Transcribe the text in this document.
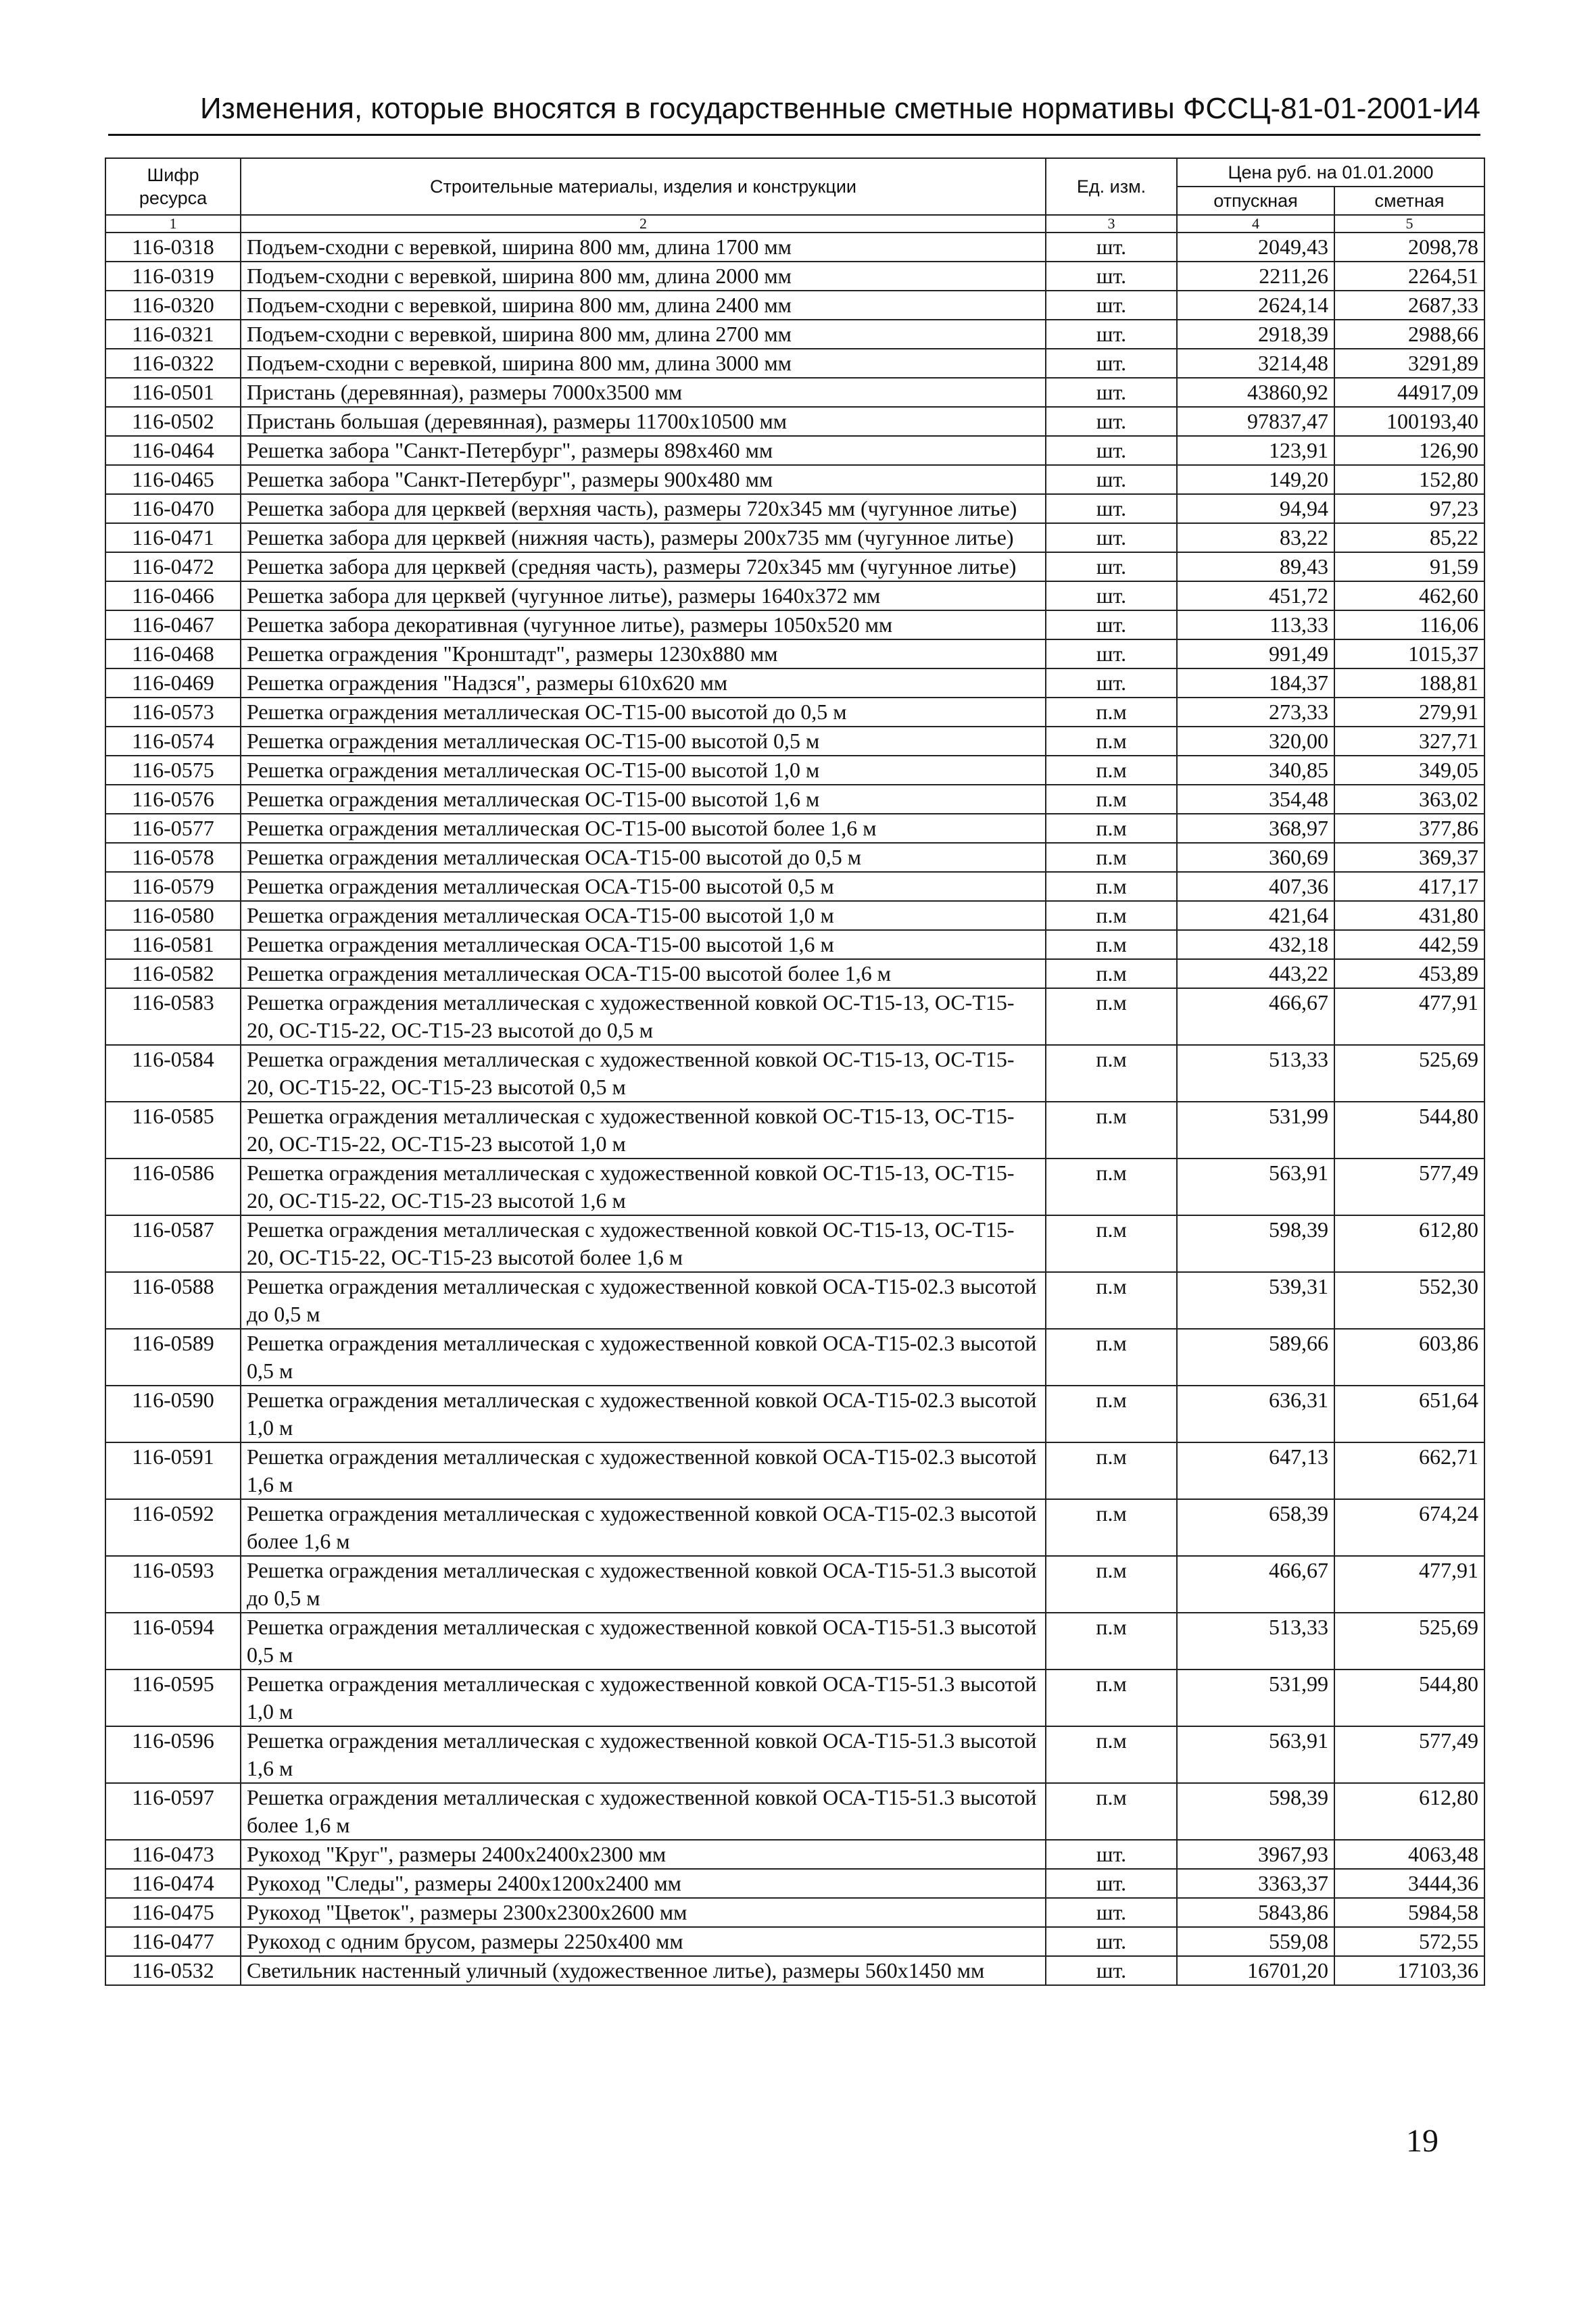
Изменения, которые вносятся в государственные сметные нормативы ФССЦ-81-01-2001-И4
Шифр ресурса	Строительные материалы, изделия и конструкции	Ед. изм.	Цена руб. на 01.01.2000	
			отпускная	сметная
1	2	3	4	5
116-0318	Подъем-сходни с веревкой, ширина 800 мм, длина 1700 мм	шт.	2049,43	2098,78
116-0319	Подъем-сходни с веревкой, ширина 800 мм, длина 2000 мм	шт.	2211,26	2264,51
116-0320	Подъем-сходни с веревкой, ширина 800 мм, длина 2400 мм	шт.	2624,14	2687,33
116-0321	Подъем-сходни с веревкой, ширина 800 мм, длина 2700 мм	шт.	2918,39	2988,66
116-0322	Подъем-сходни с веревкой, ширина 800 мм, длина 3000 мм	шт.	3214,48	3291,89
116-0501	Пристань (деревянная), размеры 7000х3500 мм	шт.	43860,92	44917,09
116-0502	Пристань большая (деревянная), размеры 11700х10500 мм	шт.	97837,47	100193,40
116-0464	Решетка забора "Санкт-Петербург", размеры 898х460 мм	шт.	123,91	126,90
116-0465	Решетка забора "Санкт-Петербург", размеры 900х480 мм	шт.	149,20	152,80
116-0470	Решетка забора для церквей (верхняя часть), размеры 720х345 мм (чугунное литье)	шт.	94,94	97,23
116-0471	Решетка забора для церквей (нижняя часть), размеры 200х735 мм (чугунное литье)	шт.	83,22	85,22
116-0472	Решетка забора для церквей (средняя часть), размеры 720х345 мм (чугунное литье)	шт.	89,43	91,59
116-0466	Решетка забора для церквей (чугунное литье), размеры 1640х372 мм	шт.	451,72	462,60
116-0467	Решетка забора декоративная (чугунное литье), размеры 1050х520 мм	шт.	113,33	116,06
116-0468	Решетка ограждения "Кронштадт", размеры 1230х880 мм	шт.	991,49	1015,37
116-0469	Решетка ограждения "Надзся", размеры 610х620 мм	шт.	184,37	188,81
116-0573	Решетка ограждения металлическая ОС-Т15-00 высотой до 0,5 м	п.м	273,33	279,91
116-0574	Решетка ограждения металлическая ОС-Т15-00 высотой 0,5 м	п.м	320,00	327,71
116-0575	Решетка ограждения металлическая ОС-Т15-00 высотой 1,0 м	п.м	340,85	349,05
116-0576	Решетка ограждения металлическая ОС-Т15-00 высотой 1,6 м	п.м	354,48	363,02
116-0577	Решетка ограждения металлическая ОС-Т15-00 высотой более 1,6 м	п.м	368,97	377,86
116-0578	Решетка ограждения металлическая ОСА-Т15-00 высотой до 0,5 м	п.м	360,69	369,37
116-0579	Решетка ограждения металлическая ОСА-Т15-00 высотой 0,5 м	п.м	407,36	417,17
116-0580	Решетка ограждения металлическая ОСА-Т15-00 высотой 1,0 м	п.м	421,64	431,80
116-0581	Решетка ограждения металлическая ОСА-Т15-00 высотой 1,6 м	п.м	432,18	442,59
116-0582	Решетка ограждения металлическая ОСА-Т15-00 высотой более 1,6 м	п.м	443,22	453,89
116-0583	Решетка ограждения металлическая с художественной ковкой ОС-Т15-13, ОС-Т15-20, ОС-Т15-22, ОС-Т15-23 высотой до 0,5 м	п.м	466,67	477,91
116-0584	Решетка ограждения металлическая с художественной ковкой ОС-Т15-13, ОС-Т15-20, ОС-Т15-22, ОС-Т15-23 высотой 0,5 м	п.м	513,33	525,69
116-0585	Решетка ограждения металлическая с художественной ковкой ОС-Т15-13, ОС-Т15-20, ОС-Т15-22, ОС-Т15-23 высотой 1,0 м	п.м	531,99	544,80
116-0586	Решетка ограждения металлическая с художественной ковкой ОС-Т15-13, ОС-Т15-20, ОС-Т15-22, ОС-Т15-23 высотой 1,6 м	п.м	563,91	577,49
116-0587	Решетка ограждения металлическая с художественной ковкой ОС-Т15-13, ОС-Т15-20, ОС-Т15-22, ОС-Т15-23 высотой более 1,6 м	п.м	598,39	612,80
116-0588	Решетка ограждения металлическая с художественной ковкой ОСА-Т15-02.3 высотой до 0,5 м	п.м	539,31	552,30
116-0589	Решетка ограждения металлическая с художественной ковкой ОСА-Т15-02.3 высотой 0,5 м	п.м	589,66	603,86
116-0590	Решетка ограждения металлическая с художественной ковкой ОСА-Т15-02.3 высотой 1,0 м	п.м	636,31	651,64
116-0591	Решетка ограждения металлическая с художественной ковкой ОСА-Т15-02.3 высотой 1,6 м	п.м	647,13	662,71
116-0592	Решетка ограждения металлическая с художественной ковкой ОСА-Т15-02.3 высотой более 1,6 м	п.м	658,39	674,24
116-0593	Решетка ограждения металлическая с художественной ковкой ОСА-Т15-51.3 высотой до 0,5 м	п.м	466,67	477,91
116-0594	Решетка ограждения металлическая с художественной ковкой ОСА-Т15-51.3 высотой 0,5 м	п.м	513,33	525,69
116-0595	Решетка ограждения металлическая с художественной ковкой ОСА-Т15-51.3 высотой 1,0 м	п.м	531,99	544,80
116-0596	Решетка ограждения металлическая с художественной ковкой ОСА-Т15-51.3 высотой 1,6 м	п.м	563,91	577,49
116-0597	Решетка ограждения металлическая с художественной ковкой ОСА-Т15-51.3 высотой более 1,6 м	п.м	598,39	612,80
116-0473	Рукоход "Круг", размеры 2400х2400х2300 мм	шт.	3967,93	4063,48
116-0474	Рукоход "Следы", размеры 2400х1200х2400 мм	шт.	3363,37	3444,36
116-0475	Рукоход "Цветок", размеры 2300х2300х2600 мм	шт.	5843,86	5984,58
116-0477	Рукоход с одним брусом, размеры 2250х400 мм	шт.	559,08	572,55
116-0532	Светильник настенный уличный (художественное литье), размеры 560х1450 мм	шт.	16701,20	17103,36
19
